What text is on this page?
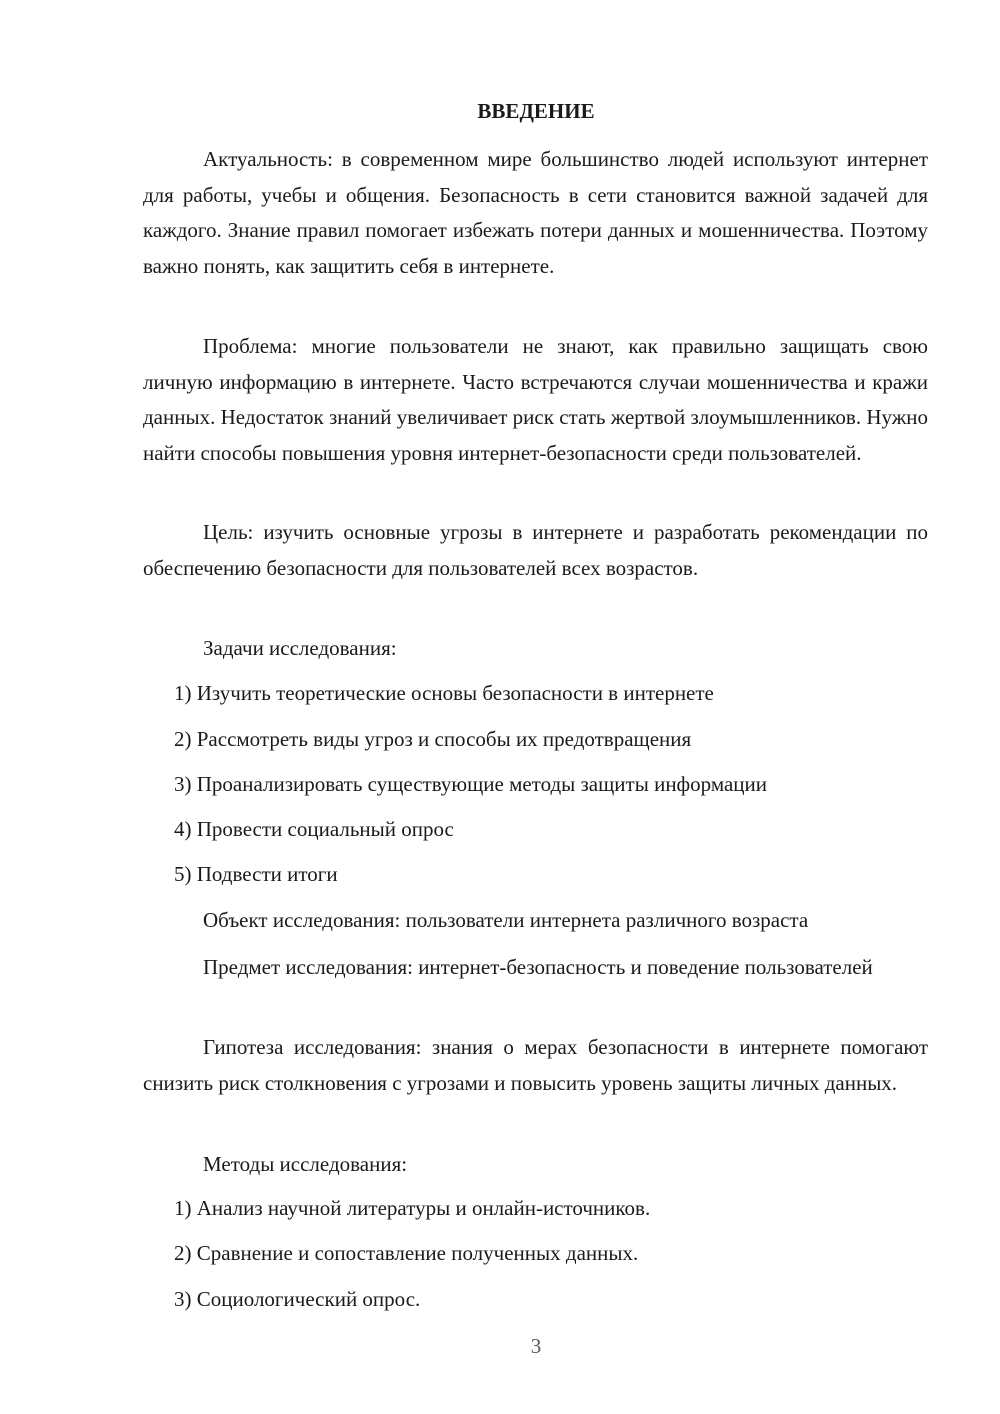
ВВЕДЕНИЕ

Актуальность: в современном мире большинство людей используют интернет для работы, учебы и общения. Безопасность в сети становится важной задачей для каждого. Знание правил помогает избежать потери данных и мошенничества. Поэтому важно понять, как защитить себя в интернете.

Проблема: многие пользователи не знают, как правильно защищать свою личную информацию в интернете. Часто встречаются случаи мошенничества и кражи данных. Недостаток знаний увеличивает риск стать жертвой злоумышленников. Нужно найти способы повышения уровня интернет-безопасности среди пользователей.

Цель: изучить основные угрозы в интернете и разработать рекомендации по обеспечению безопасности для пользователей всех возрастов.

Задачи исследования:

1) Изучить теоретические основы безопасности в интернете
2) Рассмотреть виды угроз и способы их предотвращения
3) Проанализировать существующие методы защиты информации
4) Провести социальный опрос
5) Подвести итоги

Объект исследования: пользователи интернета различного возраста

Предмет исследования: интернет-безопасность и поведение пользователей

Гипотеза исследования: знания о мерах безопасности в интернете помогают снизить риск столкновения с угрозами и повысить уровень защиты личных данных.

Методы исследования:

1) Анализ научной литературы и онлайн-источников.
2) Сравнение и сопоставление полученных данных.
3) Социологический опрос.
3
